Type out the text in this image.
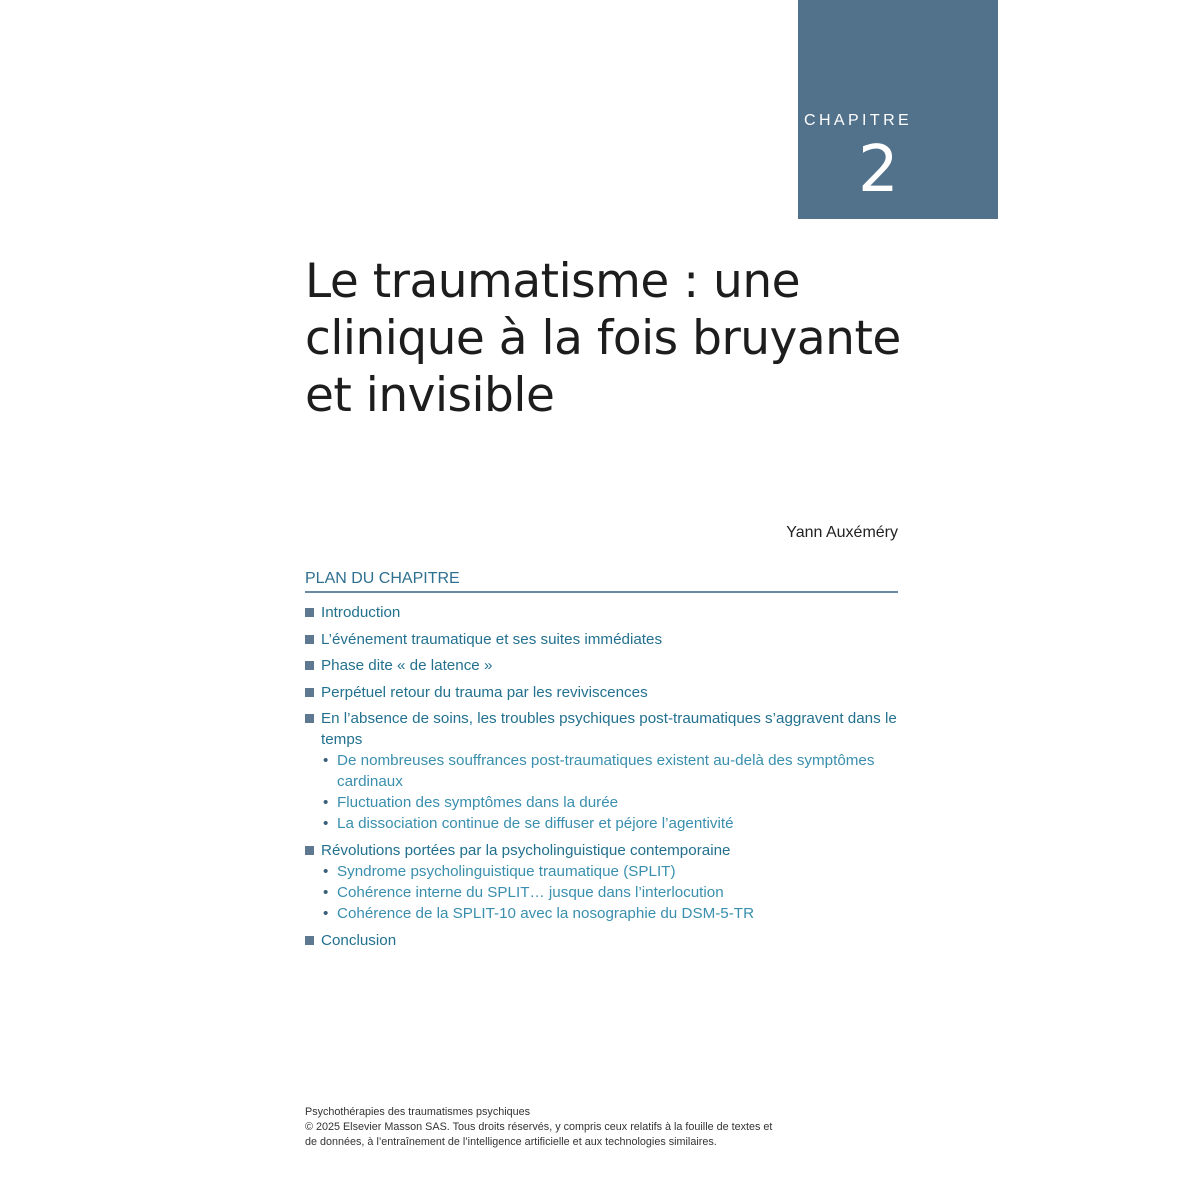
CHAPITRE
2
Le traumatisme : une clinique à la fois bruyante et invisible
Yann Auxéméry
PLAN DU CHAPITRE
Introduction
L’événement traumatique et ses suites immédiates
Phase dite « de latence »
Perpétuel retour du trauma par les reviviscences
En l’absence de soins, les troubles psychiques post-traumatiques s’aggravent dans le temps
• De nombreuses souffrances post-traumatiques existent au-delà des symptômes cardinaux
• Fluctuation des symptômes dans la durée
• La dissociation continue de se diffuser et péjore l’agentivité
Révolutions portées par la psycholinguistique contemporaine
• Syndrome psycholinguistique traumatique (SPLIT)
• Cohérence interne du SPLIT… jusque dans l’interlocution
• Cohérence de la SPLIT-10 avec la nosographie du DSM-5-TR
Conclusion
Psychothérapies des traumatismes psychiques
© 2025 Elsevier Masson SAS. Tous droits réservés, y compris ceux relatifs à la fouille de textes et
de données, à l’entraînement de l’intelligence artificielle et aux technologies similaires.
